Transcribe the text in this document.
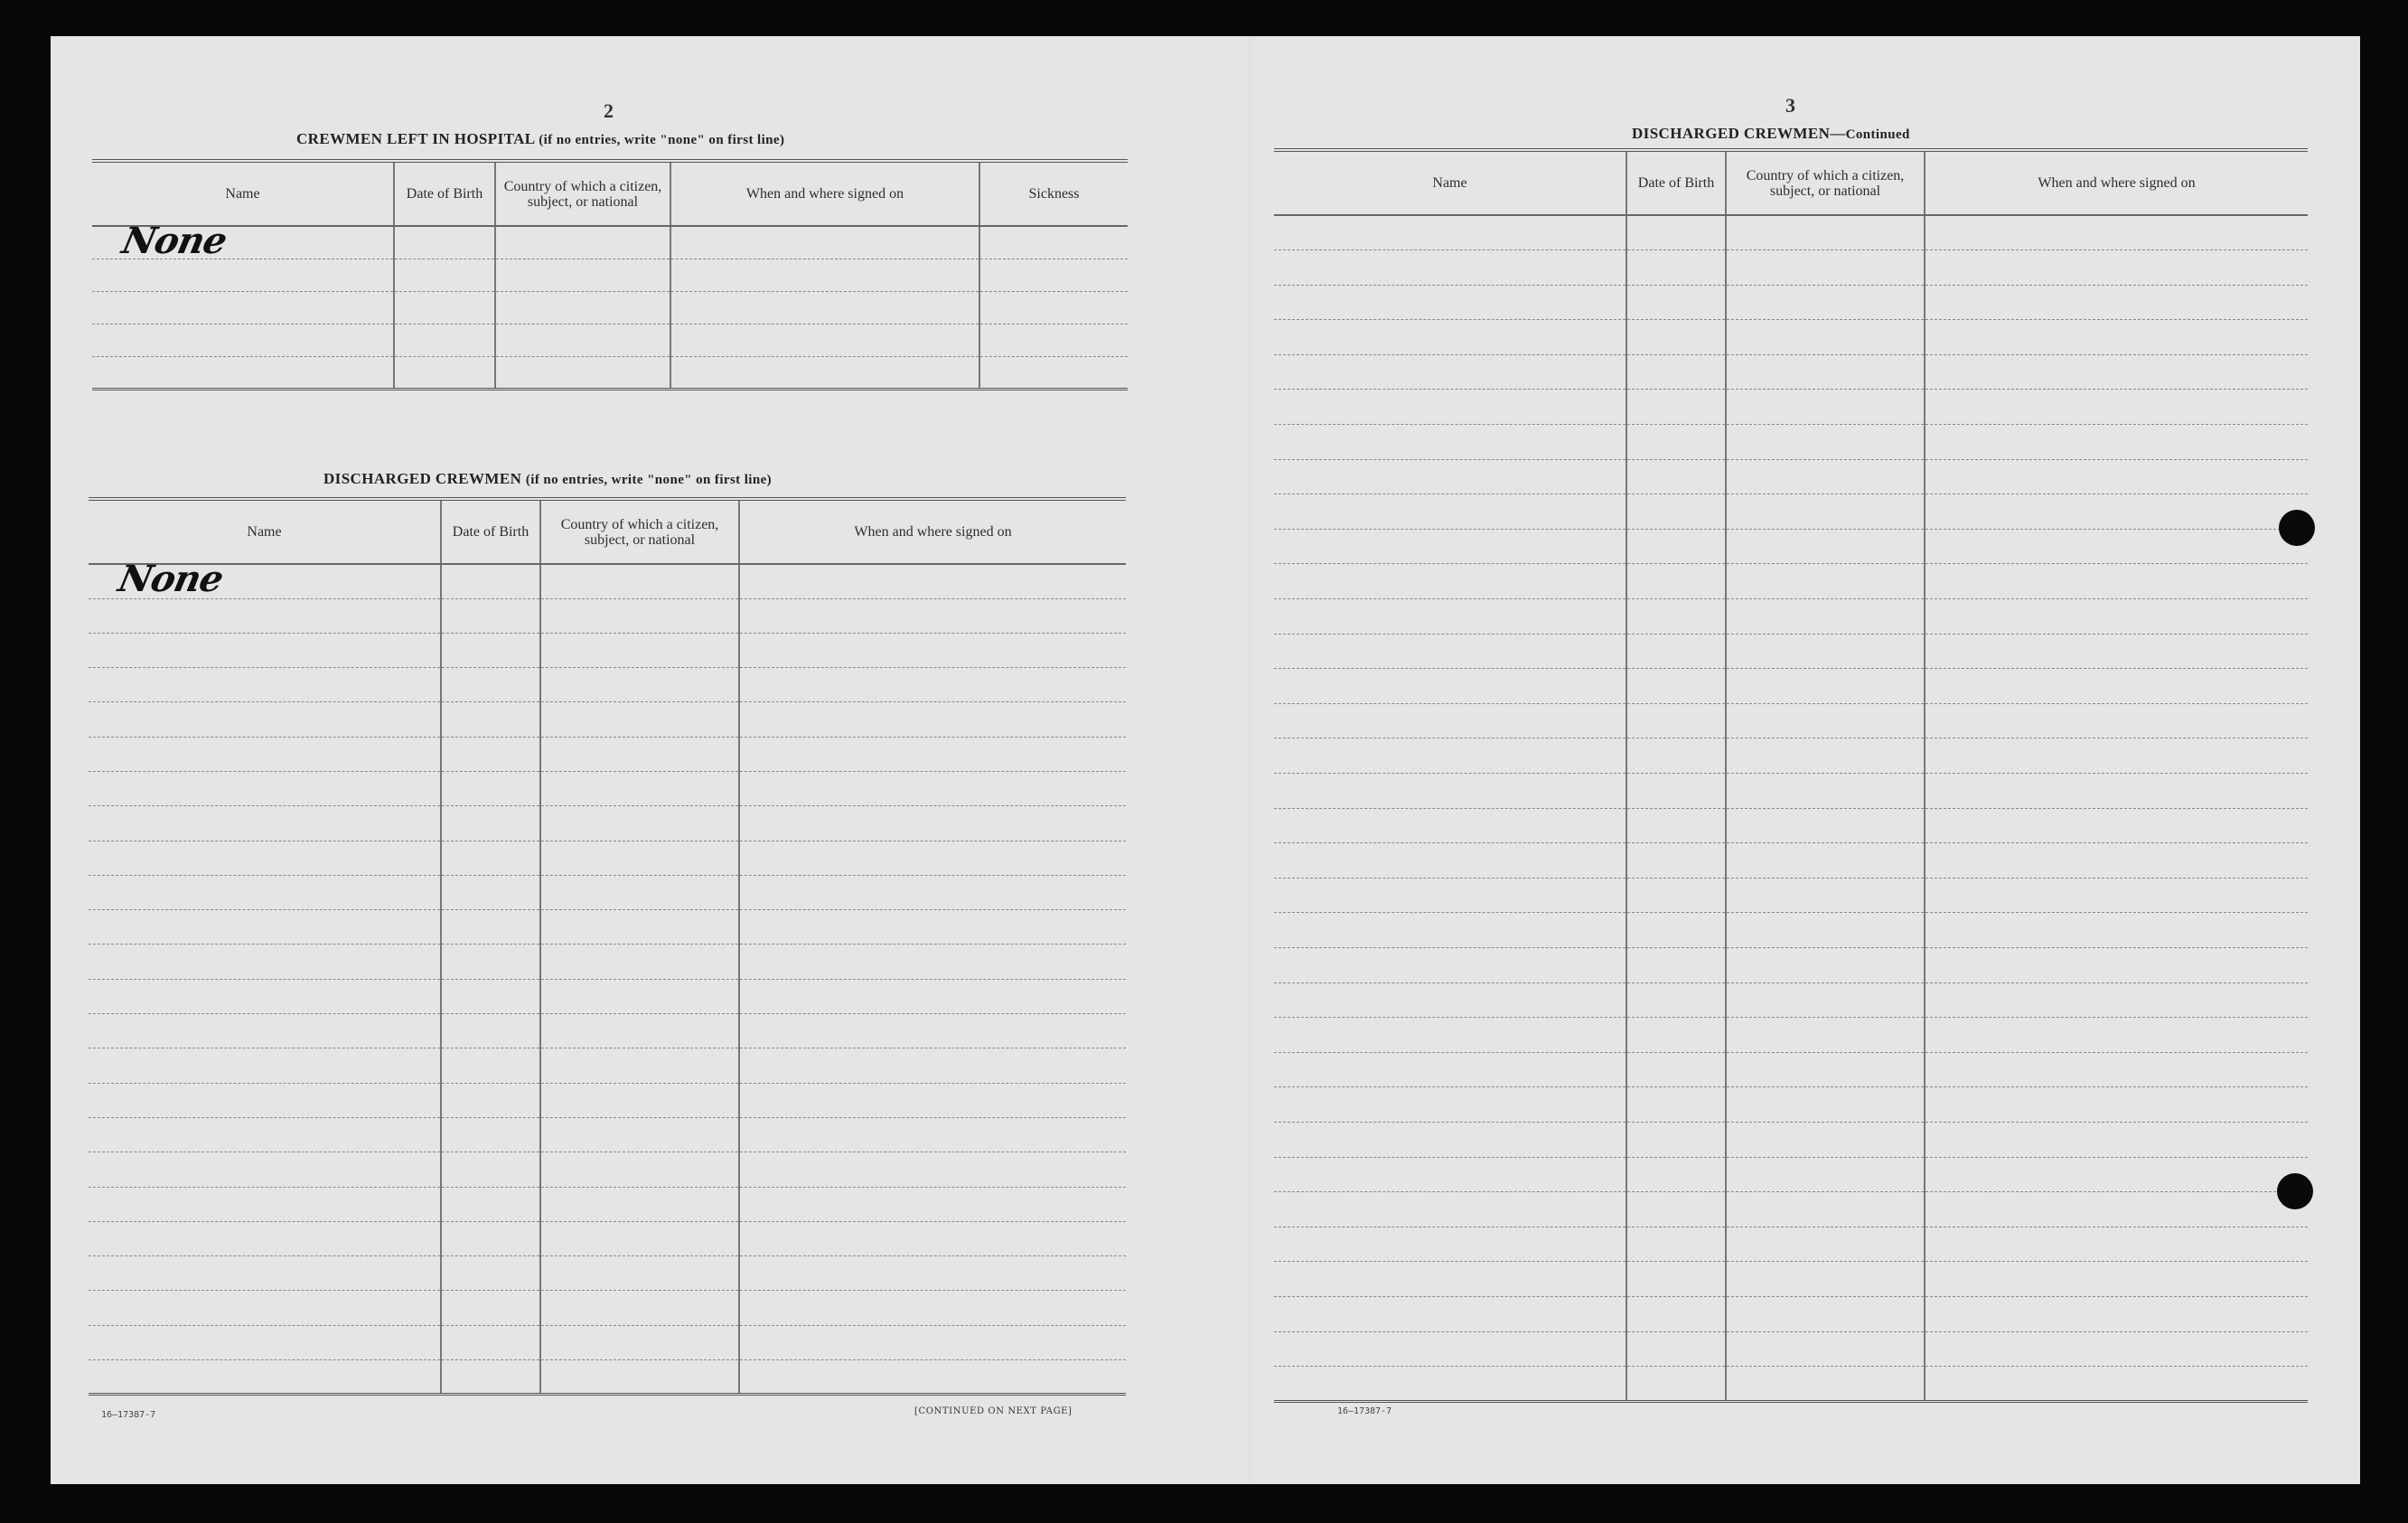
2
CREWMEN LEFT IN HOSPITAL (if no entries, write "none" on first line)
Name	Date of Birth	Country of which a citizen, subject, or national	When and where signed on	Sickness

None				

DISCHARGED CREWMEN (if no entries, write "none" on first line)
Name	Date of Birth	Country of which a citizen, subject, or national	When and where signed on

None			

16—17387-7	[CONTINUED ON NEXT PAGE]
3
DISCHARGED CREWMEN—Continued
Name	Date of Birth	Country of which a citizen, subject, or national	When and where signed on

16—17387-7
